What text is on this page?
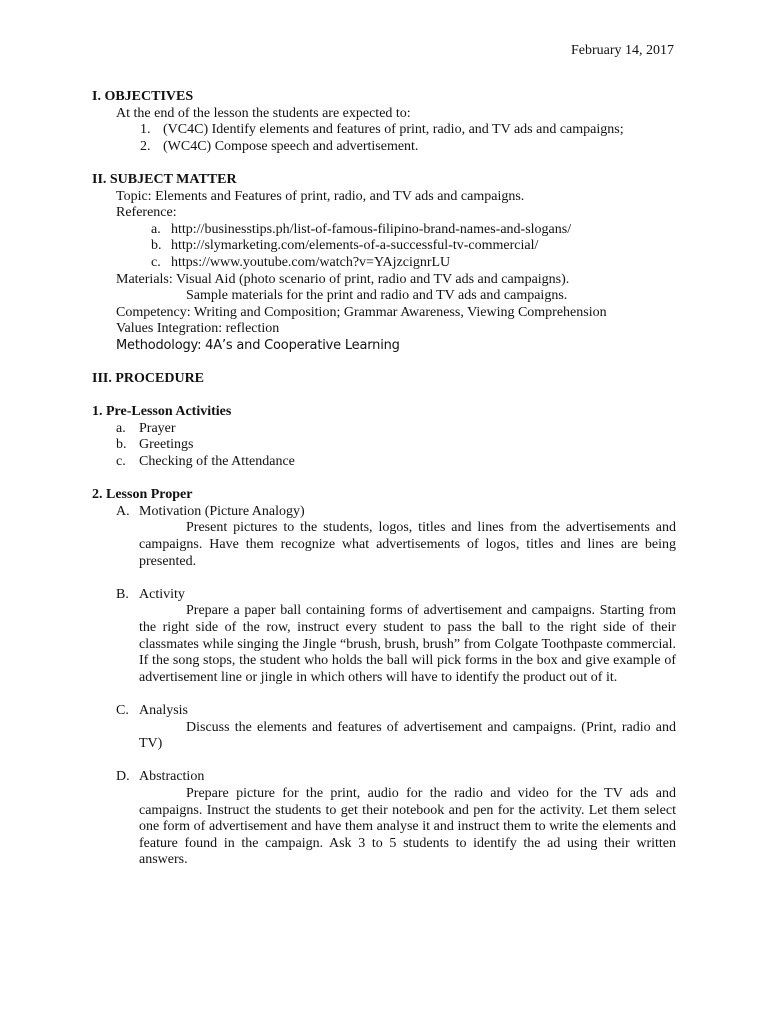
February 14, 2017
I. OBJECTIVES
At the end of the lesson the students are expected to:
1. (VC4C) Identify elements and features of print, radio, and TV ads and campaigns;
2. (WC4C) Compose speech and advertisement.
II. SUBJECT MATTER
Topic: Elements and Features of print, radio, and TV ads and campaigns.
Reference:
a. http://businesstips.ph/list-of-famous-filipino-brand-names-and-slogans/
b. http://slymarketing.com/elements-of-a-successful-tv-commercial/
c. https://www.youtube.com/watch?v=YAjzcignrLU
Materials: Visual Aid (photo scenario of print, radio and TV ads and campaigns).
Sample materials for the print and radio and TV ads and campaigns.
Competency: Writing and Composition; Grammar Awareness, Viewing Comprehension
Values Integration: reflection
Methodology: 4A’s and Cooperative Learning
III. PROCEDURE
1. Pre-Lesson Activities
a. Prayer
b. Greetings
c. Checking of the Attendance
2. Lesson Proper
A. Motivation (Picture Analogy)
Present pictures to the students, logos, titles and lines from the advertisements and campaigns. Have them recognize what advertisements of logos, titles and lines are being presented.
B. Activity
Prepare a paper ball containing forms of advertisement and campaigns. Starting from the right side of the row, instruct every student to pass the ball to the right side of their classmates while singing the Jingle “brush, brush, brush” from Colgate Toothpaste commercial. If the song stops, the student who holds the ball will pick forms in the box and give example of advertisement line or jingle in which others will have to identify the product out of it.
C. Analysis
Discuss the elements and features of advertisement and campaigns. (Print, radio and TV)
D. Abstraction
Prepare picture for the print, audio for the radio and video for the TV ads and campaigns. Instruct the students to get their notebook and pen for the activity. Let them select one form of advertisement and have them analyse it and instruct them to write the elements and feature found in the campaign. Ask 3 to 5 students to identify the ad using their written answers.
